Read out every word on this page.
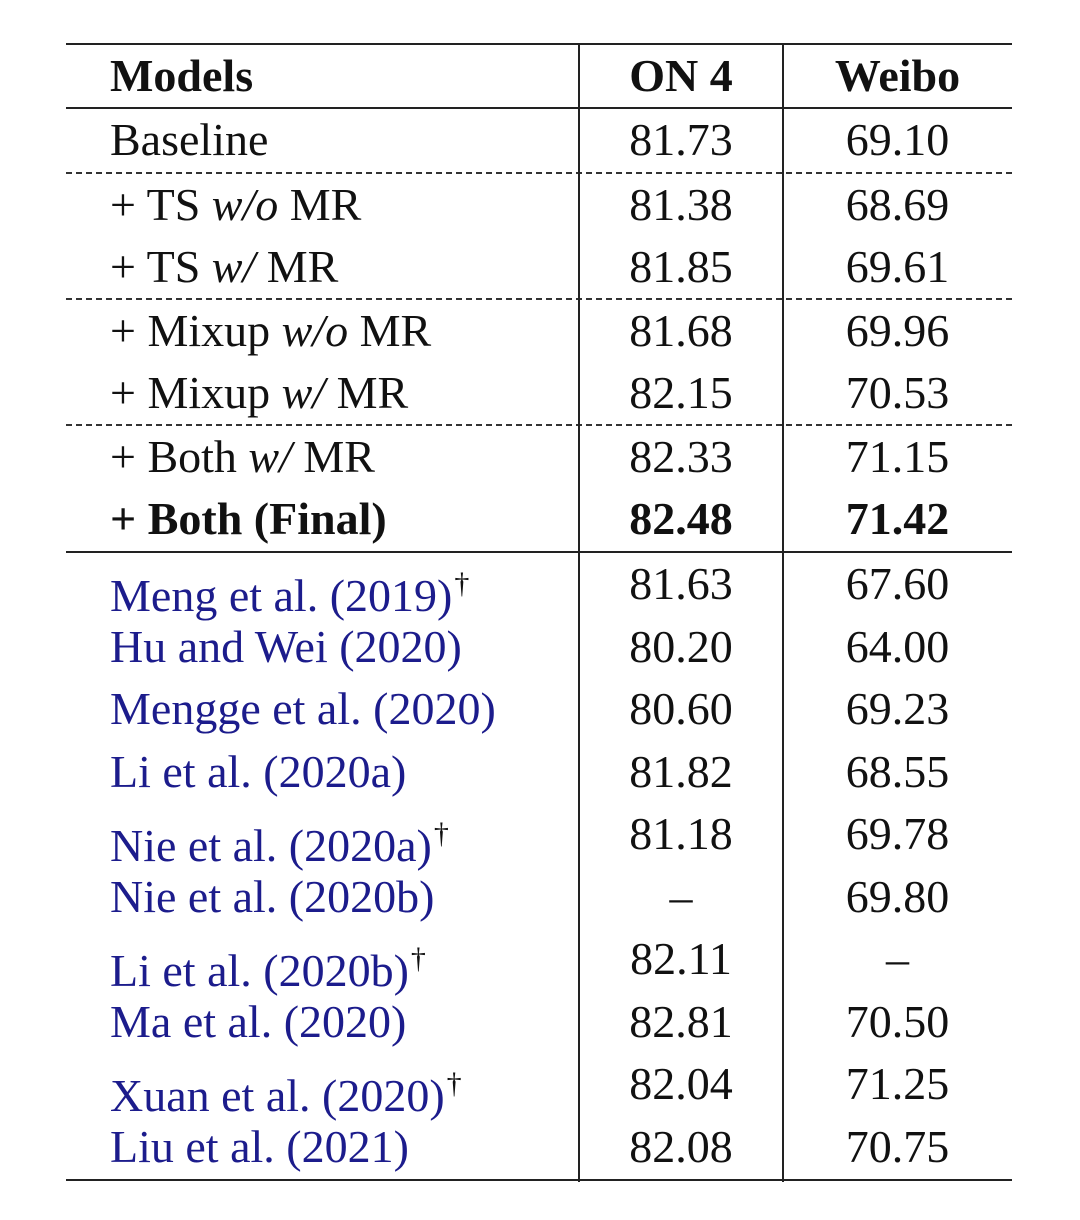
Models	ON 4	Weibo
Baseline	81.73	69.10
+ TS w/o MR	81.38	68.69
+ TS w/ MR	81.85	69.61
+ Mixup w/o MR	81.68	69.96
+ Mixup w/ MR	82.15	70.53
+ Both w/ MR	82.33	71.15
+ Both (Final)	82.48	71.42
Meng et al. (2019)†	81.63	67.60
Hu and Wei (2020)	80.20	64.00
Mengge et al. (2020)	80.60	69.23
Li et al. (2020a)	81.82	68.55
Nie et al. (2020a)†	81.18	69.78
Nie et al. (2020b)	–	69.80
Li et al. (2020b)†	82.11	–
Ma et al. (2020)	82.81	70.50
Xuan et al. (2020)†	82.04	71.25
Liu et al. (2021)	82.08	70.75
